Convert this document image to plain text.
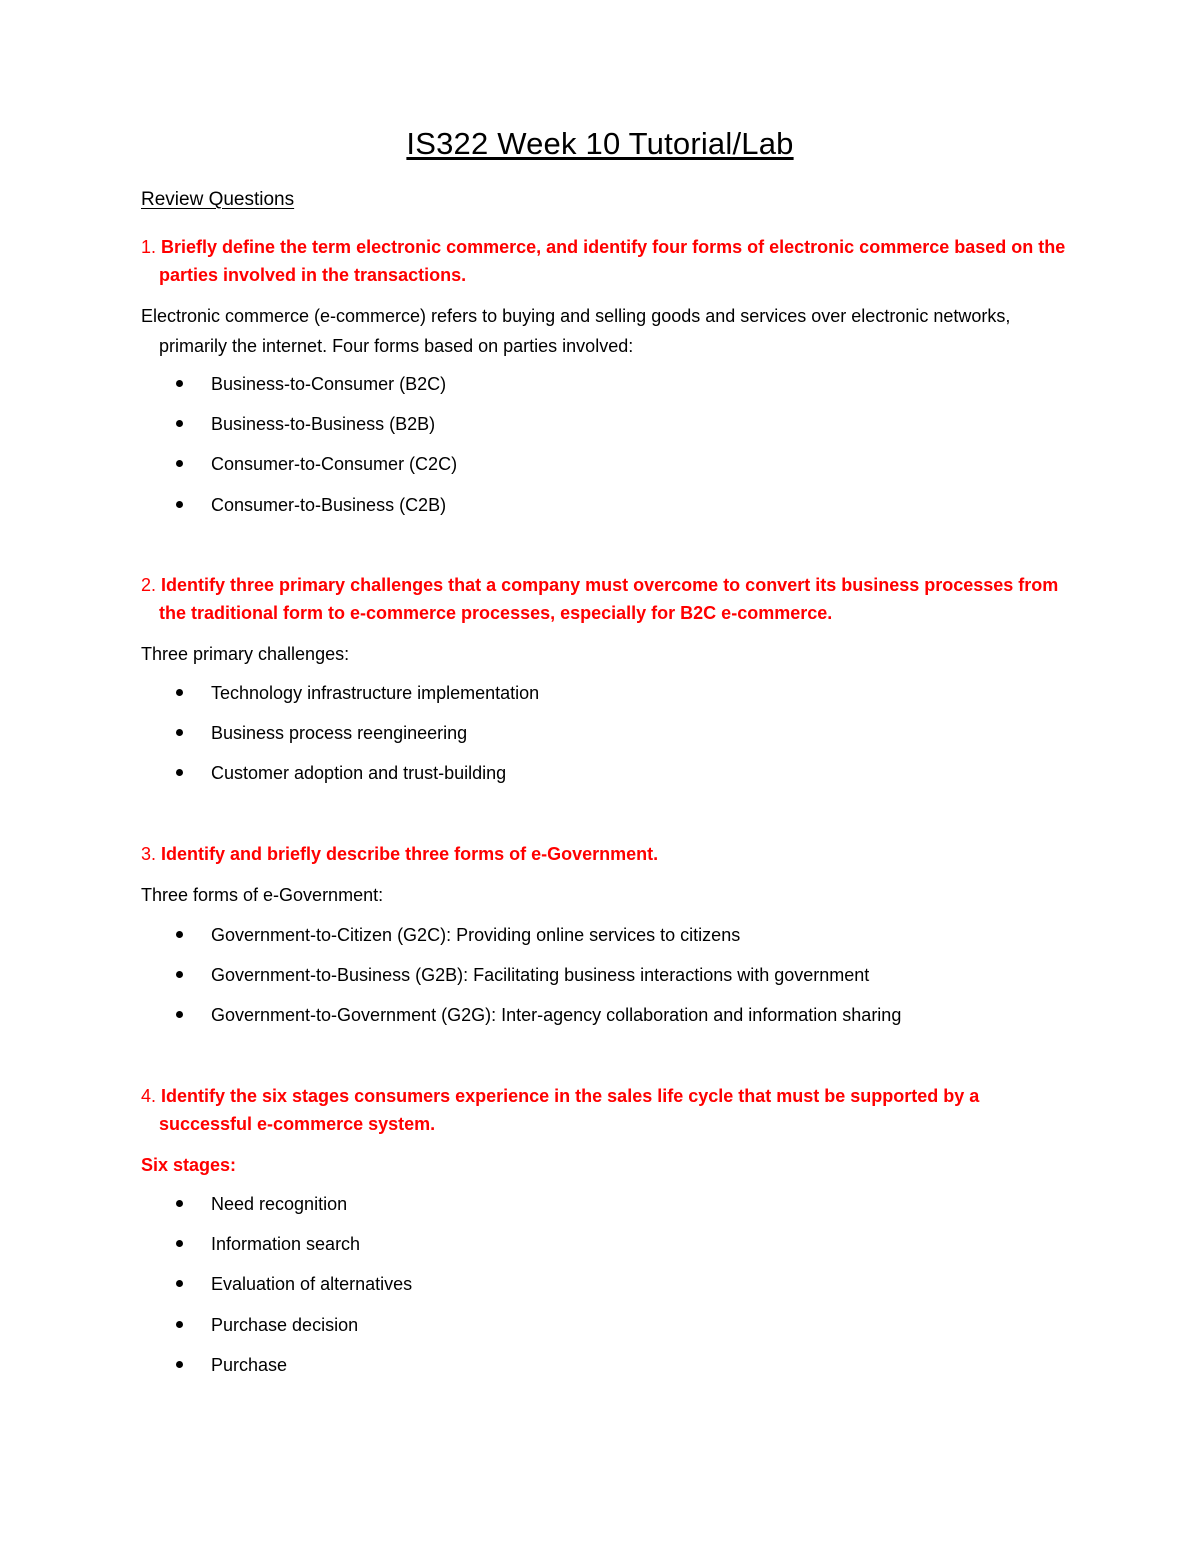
IS322 Week 10 Tutorial/Lab
Review Questions
1. Briefly define the term electronic commerce, and identify four forms of electronic commerce based on the parties involved in the transactions.
Electronic commerce (e-commerce) refers to buying and selling goods and services over electronic networks, primarily the internet. Four forms based on parties involved:
Business-to-Consumer (B2C)
Business-to-Business (B2B)
Consumer-to-Consumer (C2C)
Consumer-to-Business (C2B)
2. Identify three primary challenges that a company must overcome to convert its business processes from the traditional form to e-commerce processes, especially for B2C e-commerce.
Three primary challenges:
Technology infrastructure implementation
Business process reengineering
Customer adoption and trust-building
3. Identify and briefly describe three forms of e-Government.
Three forms of e-Government:
Government-to-Citizen (G2C): Providing online services to citizens
Government-to-Business (G2B): Facilitating business interactions with government
Government-to-Government (G2G): Inter-agency collaboration and information sharing
4. Identify the six stages consumers experience in the sales life cycle that must be supported by a successful e-commerce system.
Six stages:
Need recognition
Information search
Evaluation of alternatives
Purchase decision
Purchase
